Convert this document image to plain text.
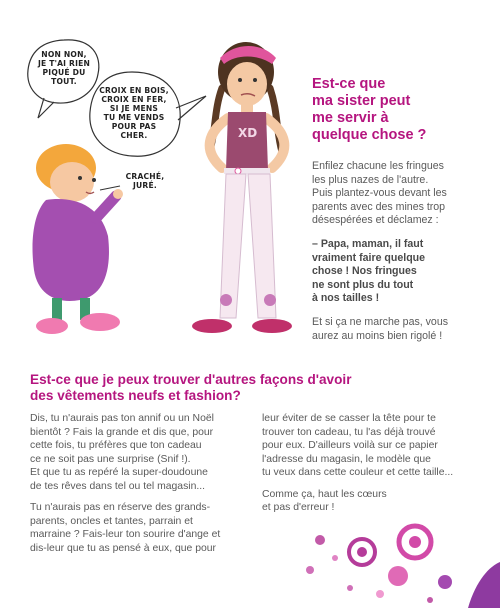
NON NON,
JE T'AI RIEN
PIQUÉ DU
TOUT.
CROIX EN BOIS,
CROIX EN FER,
SI JE MENS
TU ME VENDS
POUR PAS
CHER.
CRACHÉ,
JURÉ.
XD
Est-ce que
ma sister peut
me servir à
quelque chose ?

Enfilez chacune les fringues
les plus nazes de l'autre.
Puis plantez-vous devant les
parents avec des mines trop
désespérées et déclamez :

– Papa, maman, il faut
vraiment faire quelque
chose ! Nos fringues
ne sont plus du tout
à nos tailles !

Et si ça ne marche pas, vous
aurez au moins bien rigolé !

Est-ce que je peux trouver d'autres façons d'avoir
des vêtements neufs et fashion?

Dis, tu n'aurais pas ton annif ou un Noël
bientôt ? Fais la grande et dis que, pour
cette fois, tu préfères que ton cadeau
ce ne soit pas une surprise (Snif !).
Et que tu as repéré la super-doudoune
de tes rêves dans tel ou tel magasin...

Tu n'aurais pas en réserve des grands-
parents, oncles et tantes, parrain et
marraine ? Fais-leur ton sourire d'ange et
dis-leur que tu as pensé à eux, que pour

leur éviter de se casser la tête pour te
trouver ton cadeau, tu l'as déjà trouvé
pour eux. D'ailleurs voilà sur ce papier
l'adresse du magasin, le modèle que
tu veux dans cette couleur et cette taille...

Comme ça, haut les cœurs
et pas d'erreur !
